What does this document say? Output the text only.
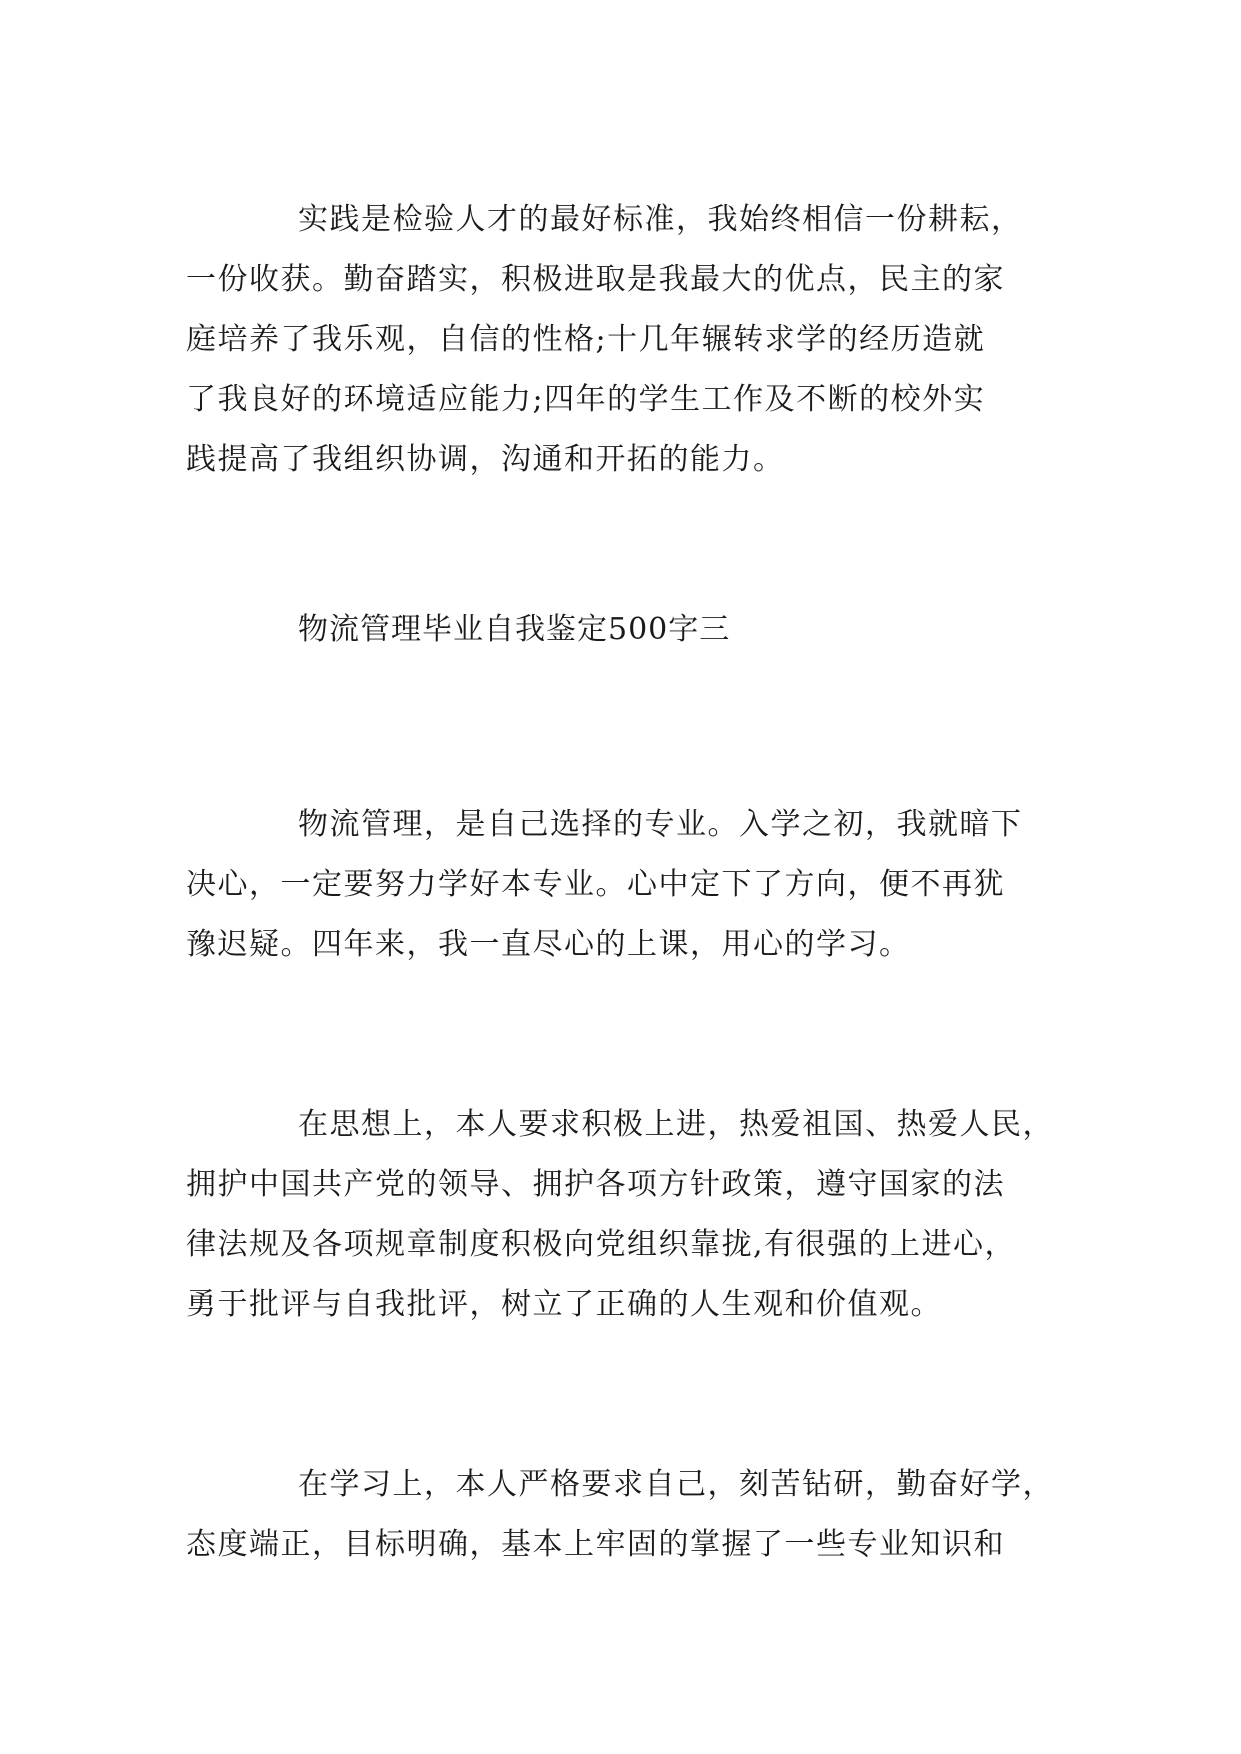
实践是检验人才的最好标准，我始终相信一份耕耘，
一份收获。勤奋踏实，积极进取是我最大的优点，民主的家
庭培养了我乐观，自信的性格;十几年辗转求学的经历造就
了我良好的环境适应能力;四年的学生工作及不断的校外实
践提高了我组织协调，沟通和开拓的能力。
物流管理毕业自我鉴定500字三
物流管理，是自己选择的专业。入学之初，我就暗下
决心，一定要努力学好本专业。心中定下了方向，便不再犹
豫迟疑。四年来，我一直尽心的上课，用心的学习。
在思想上，本人要求积极上进，热爱祖国、热爱人民，
拥护中国共产党的领导、拥护各项方针政策，遵守国家的法
律法规及各项规章制度积极向党组织靠拢,有很强的上进心，
勇于批评与自我批评，树立了正确的人生观和价值观。
在学习上，本人严格要求自己，刻苦钻研，勤奋好学，
态度端正，目标明确，基本上牢固的掌握了一些专业知识和
